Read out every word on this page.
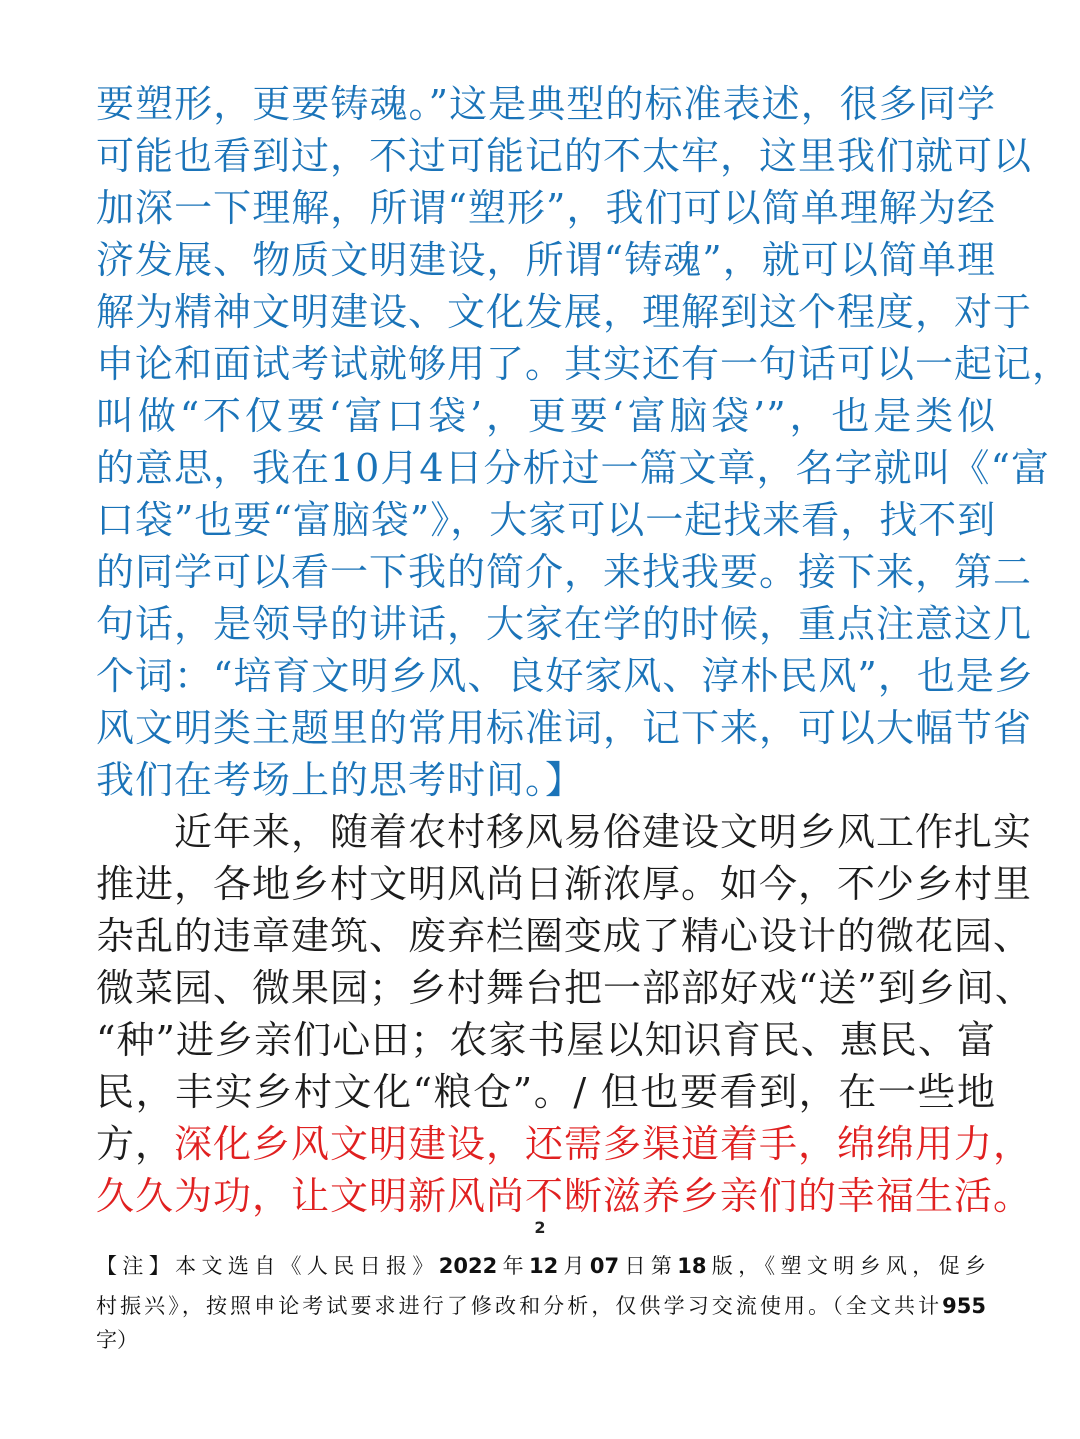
要塑形，更要铸魂。”这是典型的标准表述，很多同学
可能也看到过，不过可能记的不太牢，这里我们就可以
加深一下理解，所谓“塑形”，我们可以简单理解为经
济发展、物质文明建设，所谓“铸魂”，就可以简单理
解为精神文明建设、文化发展，理解到这个程度，对于
申论和面试考试就够用了。其实还有一句话可以一起记，
叫做“不仅要‘富口袋’，更要‘富脑袋’”，也是类似
的意思，我在10月4日分析过一篇文章，名字就叫《“富
口袋”也要“富脑袋”》，大家可以一起找来看，找不到
的同学可以看一下我的简介，来找我要。接下来，第二
句话，是领导的讲话，大家在学的时候，重点注意这几
个词：“培育文明乡风、良好家风、淳朴民风”，也是乡
风文明类主题里的常用标准词，记下来，可以大幅节省
我们在考场上的思考时间。】
　　近年来，随着农村移风易俗建设文明乡风工作扎实
推进，各地乡村文明风尚日渐浓厚。如今，不少乡村里
杂乱的违章建筑、废弃栏圈变成了精心设计的微花园、
微菜园、微果园；乡村舞台把一部部好戏“送”到乡间、
“种”进乡亲们心田；农家书屋以知识育民、惠民、富
民，丰实乡村文化“粮仓”。/ 但也要看到，在一些地
方，深化乡风文明建设，还需多渠道着手，绵绵用力，
久久为功，让文明新风尚不断滋养乡亲们的幸福生活。
2
【注】本文选自《人民日报》2022年12月07日第18版，《塑文明乡风，促乡
村振兴》，按照申论考试要求进行了修改和分析，仅供学习交流使用。（全文共计955
字）
